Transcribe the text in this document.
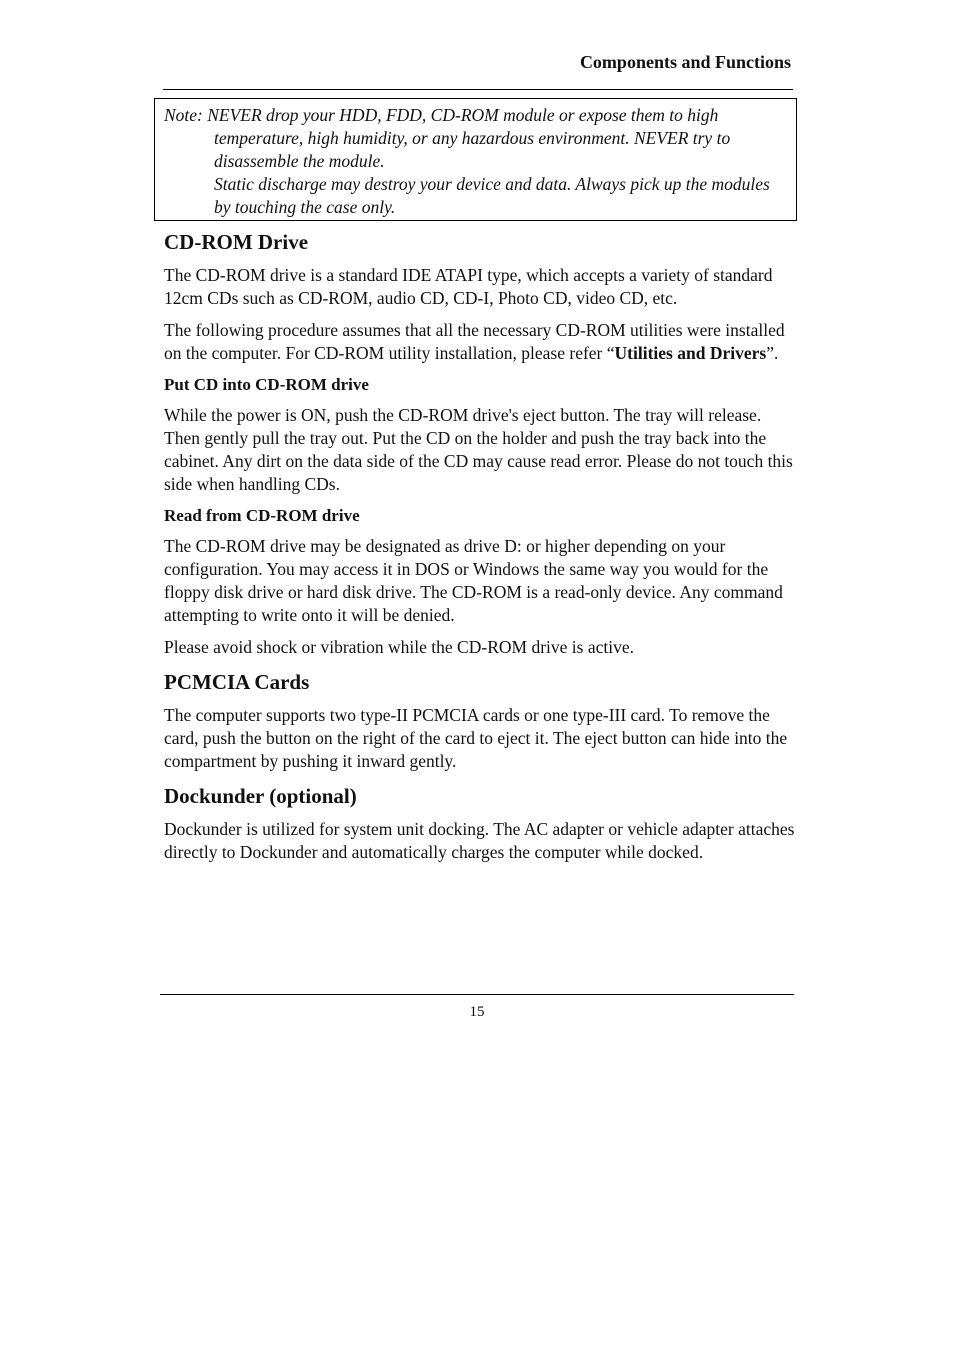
Components and Functions

Note: NEVER drop your HDD, FDD, CD-ROM module or expose them to high temperature, high humidity, or any hazardous environment. NEVER try to disassemble the module.

Static discharge may destroy your device and data. Always pick up the modules by touching the case only.

CD-ROM Drive

The CD-ROM drive is a standard IDE ATAPI type, which accepts a variety of standard 12cm CDs such as CD-ROM, audio CD, CD-I, Photo CD, video CD, etc.

The following procedure assumes that all the necessary CD-ROM utilities were installed on the computer. For CD-ROM utility installation, please refer “Utilities and Drivers”.

Put CD into CD-ROM drive

While the power is ON, push the CD-ROM drive's eject button. The tray will release. Then gently pull the tray out. Put the CD on the holder and push the tray back into the cabinet. Any dirt on the data side of the CD may cause read error. Please do not touch this side when handling CDs.

Read from CD-ROM drive

The CD-ROM drive may be designated as drive D: or higher depending on your configuration. You may access it in DOS or Windows the same way you would for the floppy disk drive or hard disk drive. The CD-ROM is a read-only device. Any command attempting to write onto it will be denied.

Please avoid shock or vibration while the CD-ROM drive is active.

PCMCIA Cards

The computer supports two type-II PCMCIA cards or one type-III card. To remove the card, push the button on the right of the card to eject it. The eject button can hide into the compartment by pushing it inward gently.

Dockunder (optional)

Dockunder is utilized for system unit docking. The AC adapter or vehicle adapter attaches directly to Dockunder and automatically charges the computer while docked.

15
